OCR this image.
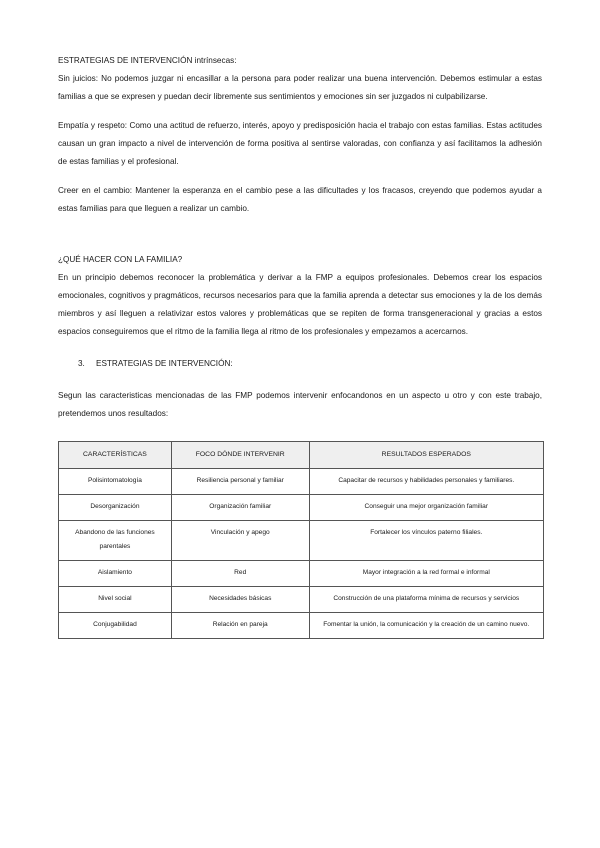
ESTRATEGIAS DE INTERVENCIÓN intrínsecas:

Sin juicios: No podemos juzgar ni encasillar a la persona para poder realizar una buena intervención. Debemos estimular a estas familias a que se expresen y puedan decir libremente sus sentimientos y emociones sin ser juzgados ni culpabilizarse.

Empatía y respeto: Como una actitud de refuerzo, interés, apoyo y predisposición hacia el trabajo con estas familias. Estas actitudes causan un gran impacto a nivel de intervención de forma positiva al sentirse valoradas, con confianza y así facilitamos la adhesión de estas familias y el profesional.

Creer en el cambio: Mantener la esperanza en el cambio pese a las dificultades y los fracasos, creyendo que podemos ayudar a estas familias para que lleguen a realizar un cambio.

¿QUÉ HACER CON LA FAMILIA?

En un principio debemos reconocer la problemática y derivar a la FMP a equipos profesionales. Debemos crear los espacios emocionales, cognitivos y pragmáticos, recursos necesarios para que la familia aprenda a detectar sus emociones y la de los demás miembros y así lleguen a relativizar estos valores y problemáticas que se repiten de forma transgeneracional y gracias a estos espacios conseguiremos que el ritmo de la familia llega al ritmo de los profesionales y empezamos a acercarnos.

3. ESTRATEGIAS DE INTERVENCIÓN:

Segun las caracteristicas mencionadas de las FMP podemos intervenir enfocandonos en un aspecto u otro y con este trabajo, pretendemos unos resultados:

CARACTERÍSTICAS	FOCO DÓNDE INTERVENIR	RESULTADOS ESPERADOS
Polisintomatología	Resiliencia personal y familiar	Capacitar de recursos y habilidades personales y familiares.
Desorganización	Organización familiar	Conseguir una mejor organización familiar
Abandono de las funciones parentales	Vinculación y apego	Fortalecer los vínculos paterno filiales.
Aislamiento	Red	Mayor integración a la red formal e informal
Nivel social	Necesidades básicas	Construcción de una plataforma mínima de recursos y servicios
Conjugabilidad	Relación en pareja	Fomentar la unión, la comunicación y la creación de un camino nuevo.
